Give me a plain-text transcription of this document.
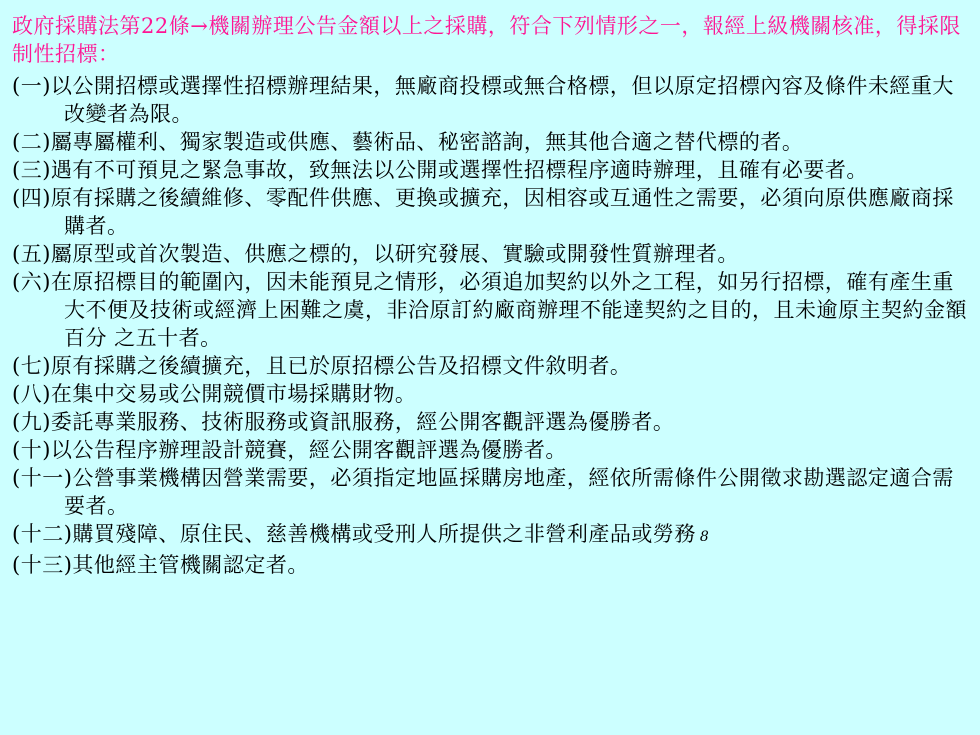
政府採購法第22條→機關辦理公告金額以上之採購，符合下列情形之一，報經上級機關核准，得採限制性招標：
(一)以公開招標或選擇性招標辦理結果，無廠商投標或無合格標，但以原定招標內容及條件未經重大改變者為限。
(二)屬專屬權利、獨家製造或供應、藝術品、秘密諮詢，無其他合適之替代標的者。
(三)遇有不可預見之緊急事故，致無法以公開或選擇性招標程序適時辦理，且確有必要者。
(四)原有採購之後續維修、零配件供應、更換或擴充，因相容或互通性之需要，必須向原供應廠商採購者。
(五)屬原型或首次製造、供應之標的，以研究發展、實驗或開發性質辦理者。
(六)在原招標目的範圍內，因未能預見之情形，必須追加契約以外之工程，如另行招標，確有產生重大不便及技術或經濟上困難之虞，非洽原訂約廠商辦理不能達契約之目的，且未逾原主契約金額百分 之五十者。
(七)原有採購之後續擴充，且已於原招標公告及招標文件敘明者。
(八)在集中交易或公開競價市場採購財物。
(九)委託專業服務、技術服務或資訊服務，經公開客觀評選為優勝者。
(十)以公告程序辦理設計競賽，經公開客觀評選為優勝者。
(十一)公營事業機構因營業需要，必須指定地區採購房地產，經依所需條件公開徵求勘選認定適合需要者。
(十二)購買殘障、原住民、慈善機構或受刑人所提供之非營利產品或勞務 8
(十三)其他經主管機關認定者。
